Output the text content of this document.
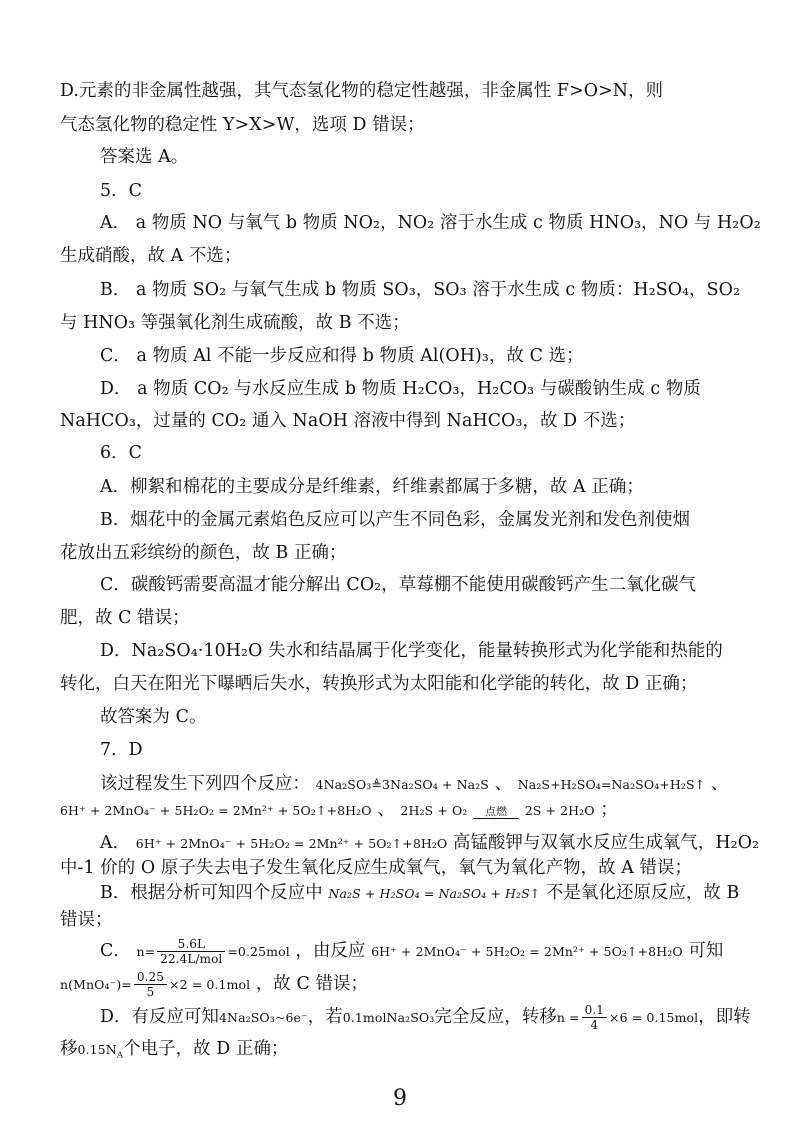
D.元素的非金属性越强，其气态氢化物的稳定性越强，非金属性 F>O>N，则
气态氢化物的稳定性 Y>X>W，选项 D 错误；
答案选 A。
5．C
A． a 物质 NO 与氧气 b 物质 NO₂，NO₂ 溶于水生成 c 物质 HNO₃，NO 与 H₂O₂
生成硝酸，故 A 不选；
B． a 物质 SO₂ 与氧气生成 b 物质 SO₃，SO₃ 溶于水生成 c 物质：H₂SO₄，SO₂
与 HNO₃ 等强氧化剂生成硫酸，故 B 不选；
C． a 物质 Al 不能一步反应和得 b 物质 Al(OH)₃，故 C 选；
D． a 物质 CO₂ 与水反应生成 b 物质 H₂CO₃，H₂CO₃ 与碳酸钠生成 c 物质
NaHCO₃，过量的 CO₂ 通入 NaOH 溶液中得到 NaHCO₃，故 D 不选；
6．C
A．柳絮和棉花的主要成分是纤维素，纤维素都属于多糖，故 A 正确；
B．烟花中的金属元素焰色反应可以产生不同色彩，金属发光剂和发色剂使烟
花放出五彩缤纷的颜色，故 B 正确；
C．碳酸钙需要高温才能分解出 CO₂，草莓棚不能使用碳酸钙产生二氧化碳气
肥，故 C 错误；
D．Na₂SO₄·10H₂O 失水和结晶属于化学变化，能量转换形式为化学能和热能的
转化，白天在阳光下曝晒后失水，转换形式为太阳能和化学能的转化，故 D 正确；
故答案为 C。
7．D
该过程发生下列四个反应： 4Na₂SO₃≜3Na₂SO₄ + Na₂S 、 Na₂S+H₂SO₄=Na₂SO₄+H₂S↑ 、
6H⁺ + 2MnO₄⁻ + 5H₂O₂ = 2Mn²⁺ + 5O₂↑+8H₂O 、 2H₂S + O₂	点燃	2S + 2H₂O ；
A． 6H⁺ + 2MnO₄⁻ + 5H₂O₂ = 2Mn²⁺ + 5O₂↑+8H₂O 高锰酸钾与双氧水反应生成氧气，H₂O₂
中-1 价的 O 原子失去电子发生氧化反应生成氧气，氧气为氧化产物，故 A 错误；
B．根据分析可知四个反应中 Na₂S + H₂SO₄ = Na₂SO₄ + H₂S↑ 不是氧化还原反应，故 B
错误；
C． $n= \frac{5.6L}{\text{22.4L/mol}} =0.25mol$ ，由反应 6H⁺ + 2MnO₄⁻ + 5H₂O₂ = 2Mn²⁺ + 5O₂↑+8H₂O 可知
$n(MnO_4^-)= \frac{0.25}{5} \times 2 = 0.1mol$ ，故 C 错误；
9
D．有反应可知4Na₂SO₃~6e⁻，若0.1molNa₂SO₃完全反应，转移$n = \frac{0.1}{4} \times 6 = 0.15mol$，即转
移$0.15N_A$个电子，故 D 正确；
